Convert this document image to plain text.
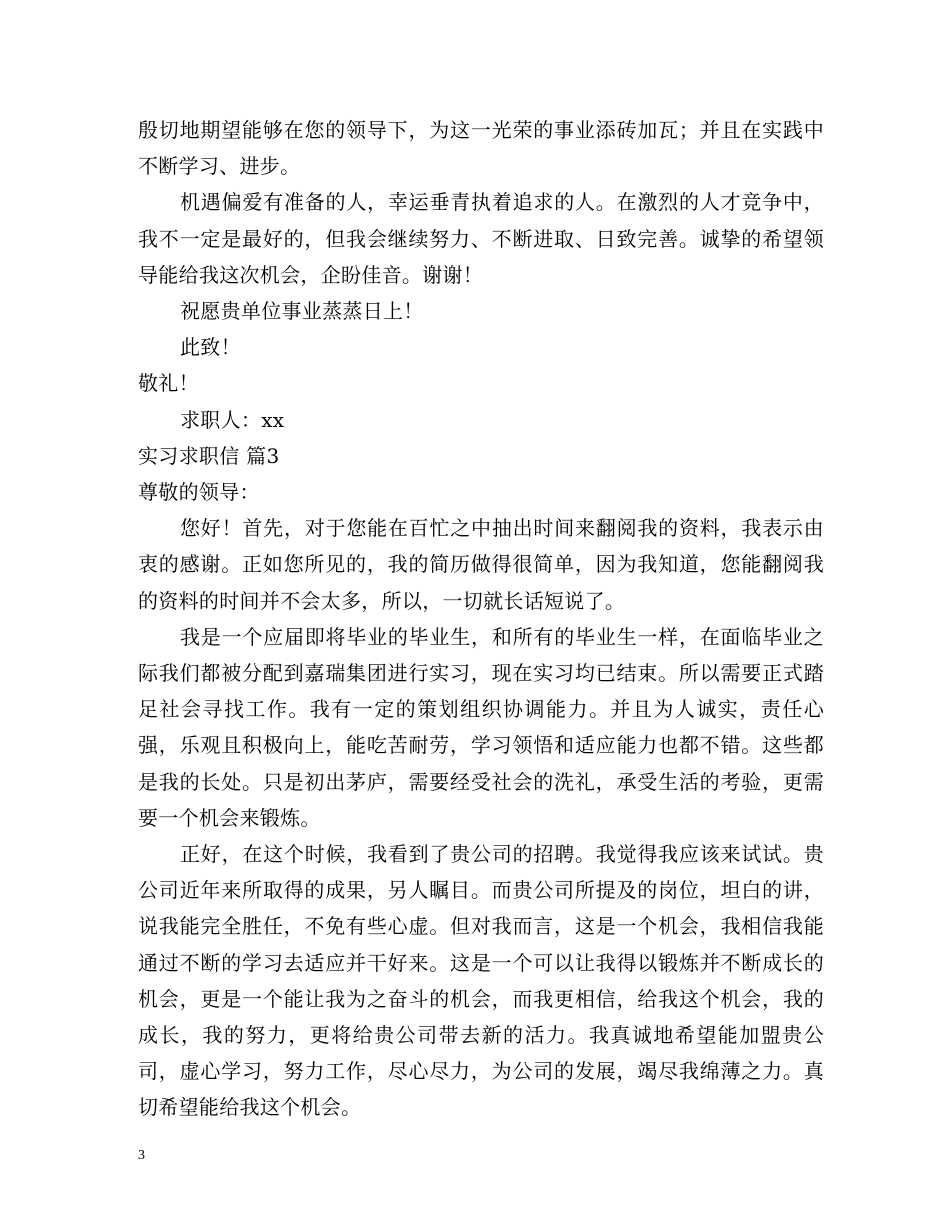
殷切地期望能够在您的领导下，为这一光荣的事业添砖加瓦；并且在实践中不断学习、进步。

机遇偏爱有准备的人，幸运垂青执着追求的人。在激烈的人才竞争中，我不一定是最好的，但我会继续努力、不断进取、日致完善。诚挚的希望领导能给我这次机会，企盼佳音。谢谢！

祝愿贵单位事业蒸蒸日上！

此致！

敬礼！

求职人：xx

实习求职信 篇3

尊敬的领导：

您好！首先，对于您能在百忙之中抽出时间来翻阅我的资料，我表示由衷的感谢。正如您所见的，我的简历做得很简单，因为我知道，您能翻阅我的资料的时间并不会太多，所以，一切就长话短说了。

我是一个应届即将毕业的毕业生，和所有的毕业生一样，在面临毕业之际我们都被分配到嘉瑞集团进行实习，现在实习均已结束。所以需要正式踏足社会寻找工作。我有一定的策划组织协调能力。并且为人诚实，责任心强，乐观且积极向上，能吃苦耐劳，学习领悟和适应能力也都不错。这些都是我的长处。只是初出茅庐，需要经受社会的洗礼，承受生活的考验，更需要一个机会来锻炼。

正好，在这个时候，我看到了贵公司的招聘。我觉得我应该来试试。贵公司近年来所取得的成果，另人瞩目。而贵公司所提及的岗位，坦白的讲，说我能完全胜任，不免有些心虚。但对我而言，这是一个机会，我相信我能通过不断的学习去适应并干好来。这是一个可以让我得以锻炼并不断成长的机会，更是一个能让我为之奋斗的机会，而我更相信，给我这个机会，我的成长，我的努力，更将给贵公司带去新的活力。我真诚地希望能加盟贵公司，虚心学习，努力工作，尽心尽力，为公司的发展，竭尽我绵薄之力。真切希望能给我这个机会。

3
